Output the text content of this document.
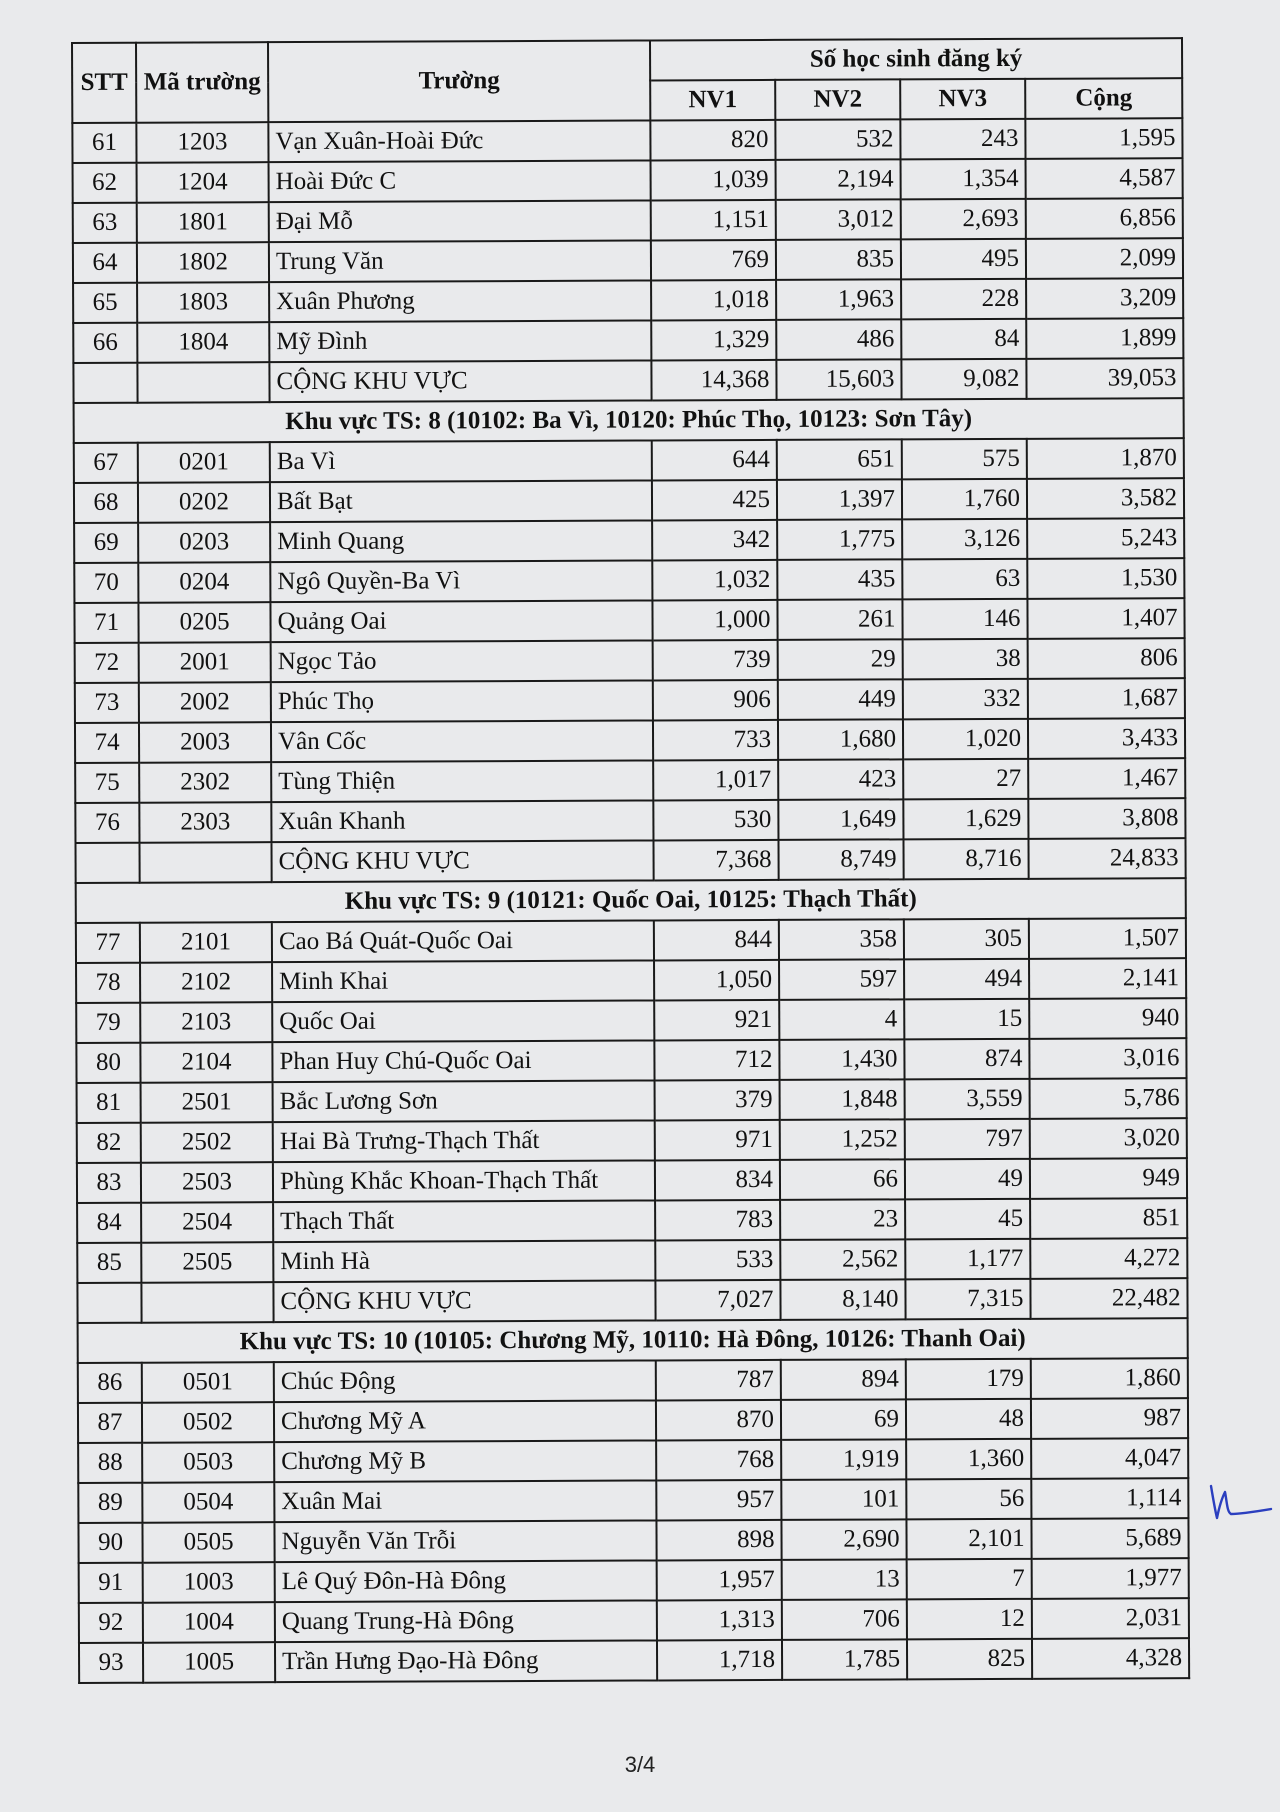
STT	Mã trường	Trường	Số học sinh đăng ký			
			NV1	NV2	NV3	Cộng
61	1203	Vạn Xuân-Hoài Đức	820	532	243	1,595
62	1204	Hoài Đức C	1,039	2,194	1,354	4,587
63	1801	Đại Mỗ	1,151	3,012	2,693	6,856
64	1802	Trung Văn	769	835	495	2,099
65	1803	Xuân Phương	1,018	1,963	228	3,209
66	1804	Mỹ Đình	1,329	486	84	1,899
		CỘNG KHU VỰC	14,368	15,603	9,082	39,053
Khu vực TS: 8 (10102: Ba Vì, 10120: Phúc Thọ, 10123: Sơn Tây)						
67	0201	Ba Vì	644	651	575	1,870
68	0202	Bất Bạt	425	1,397	1,760	3,582
69	0203	Minh Quang	342	1,775	3,126	5,243
70	0204	Ngô Quyền-Ba Vì	1,032	435	63	1,530
71	0205	Quảng Oai	1,000	261	146	1,407
72	2001	Ngọc Tảo	739	29	38	806
73	2002	Phúc Thọ	906	449	332	1,687
74	2003	Vân Cốc	733	1,680	1,020	3,433
75	2302	Tùng Thiện	1,017	423	27	1,467
76	2303	Xuân Khanh	530	1,649	1,629	3,808
		CỘNG KHU VỰC	7,368	8,749	8,716	24,833
Khu vực TS: 9 (10121: Quốc Oai, 10125: Thạch Thất)						
77	2101	Cao Bá Quát-Quốc Oai	844	358	305	1,507
78	2102	Minh Khai	1,050	597	494	2,141
79	2103	Quốc Oai	921	4	15	940
80	2104	Phan Huy Chú-Quốc Oai	712	1,430	874	3,016
81	2501	Bắc Lương Sơn	379	1,848	3,559	5,786
82	2502	Hai Bà Trưng-Thạch Thất	971	1,252	797	3,020
83	2503	Phùng Khắc Khoan-Thạch Thất	834	66	49	949
84	2504	Thạch Thất	783	23	45	851
85	2505	Minh Hà	533	2,562	1,177	4,272
		CỘNG KHU VỰC	7,027	8,140	7,315	22,482
Khu vực TS: 10 (10105: Chương Mỹ, 10110: Hà Đông, 10126: Thanh Oai)						
86	0501	Chúc Động	787	894	179	1,860
87	0502	Chương Mỹ A	870	69	48	987
88	0503	Chương Mỹ B	768	1,919	1,360	4,047
89	0504	Xuân Mai	957	101	56	1,114
90	0505	Nguyễn Văn Trỗi	898	2,690	2,101	5,689
91	1003	Lê Quý Đôn-Hà Đông	1,957	13	7	1,977
92	1004	Quang Trung-Hà Đông	1,313	706	12	2,031
93	1005	Trần Hưng Đạo-Hà Đông	1,718	1,785	825	4,328
3/4
